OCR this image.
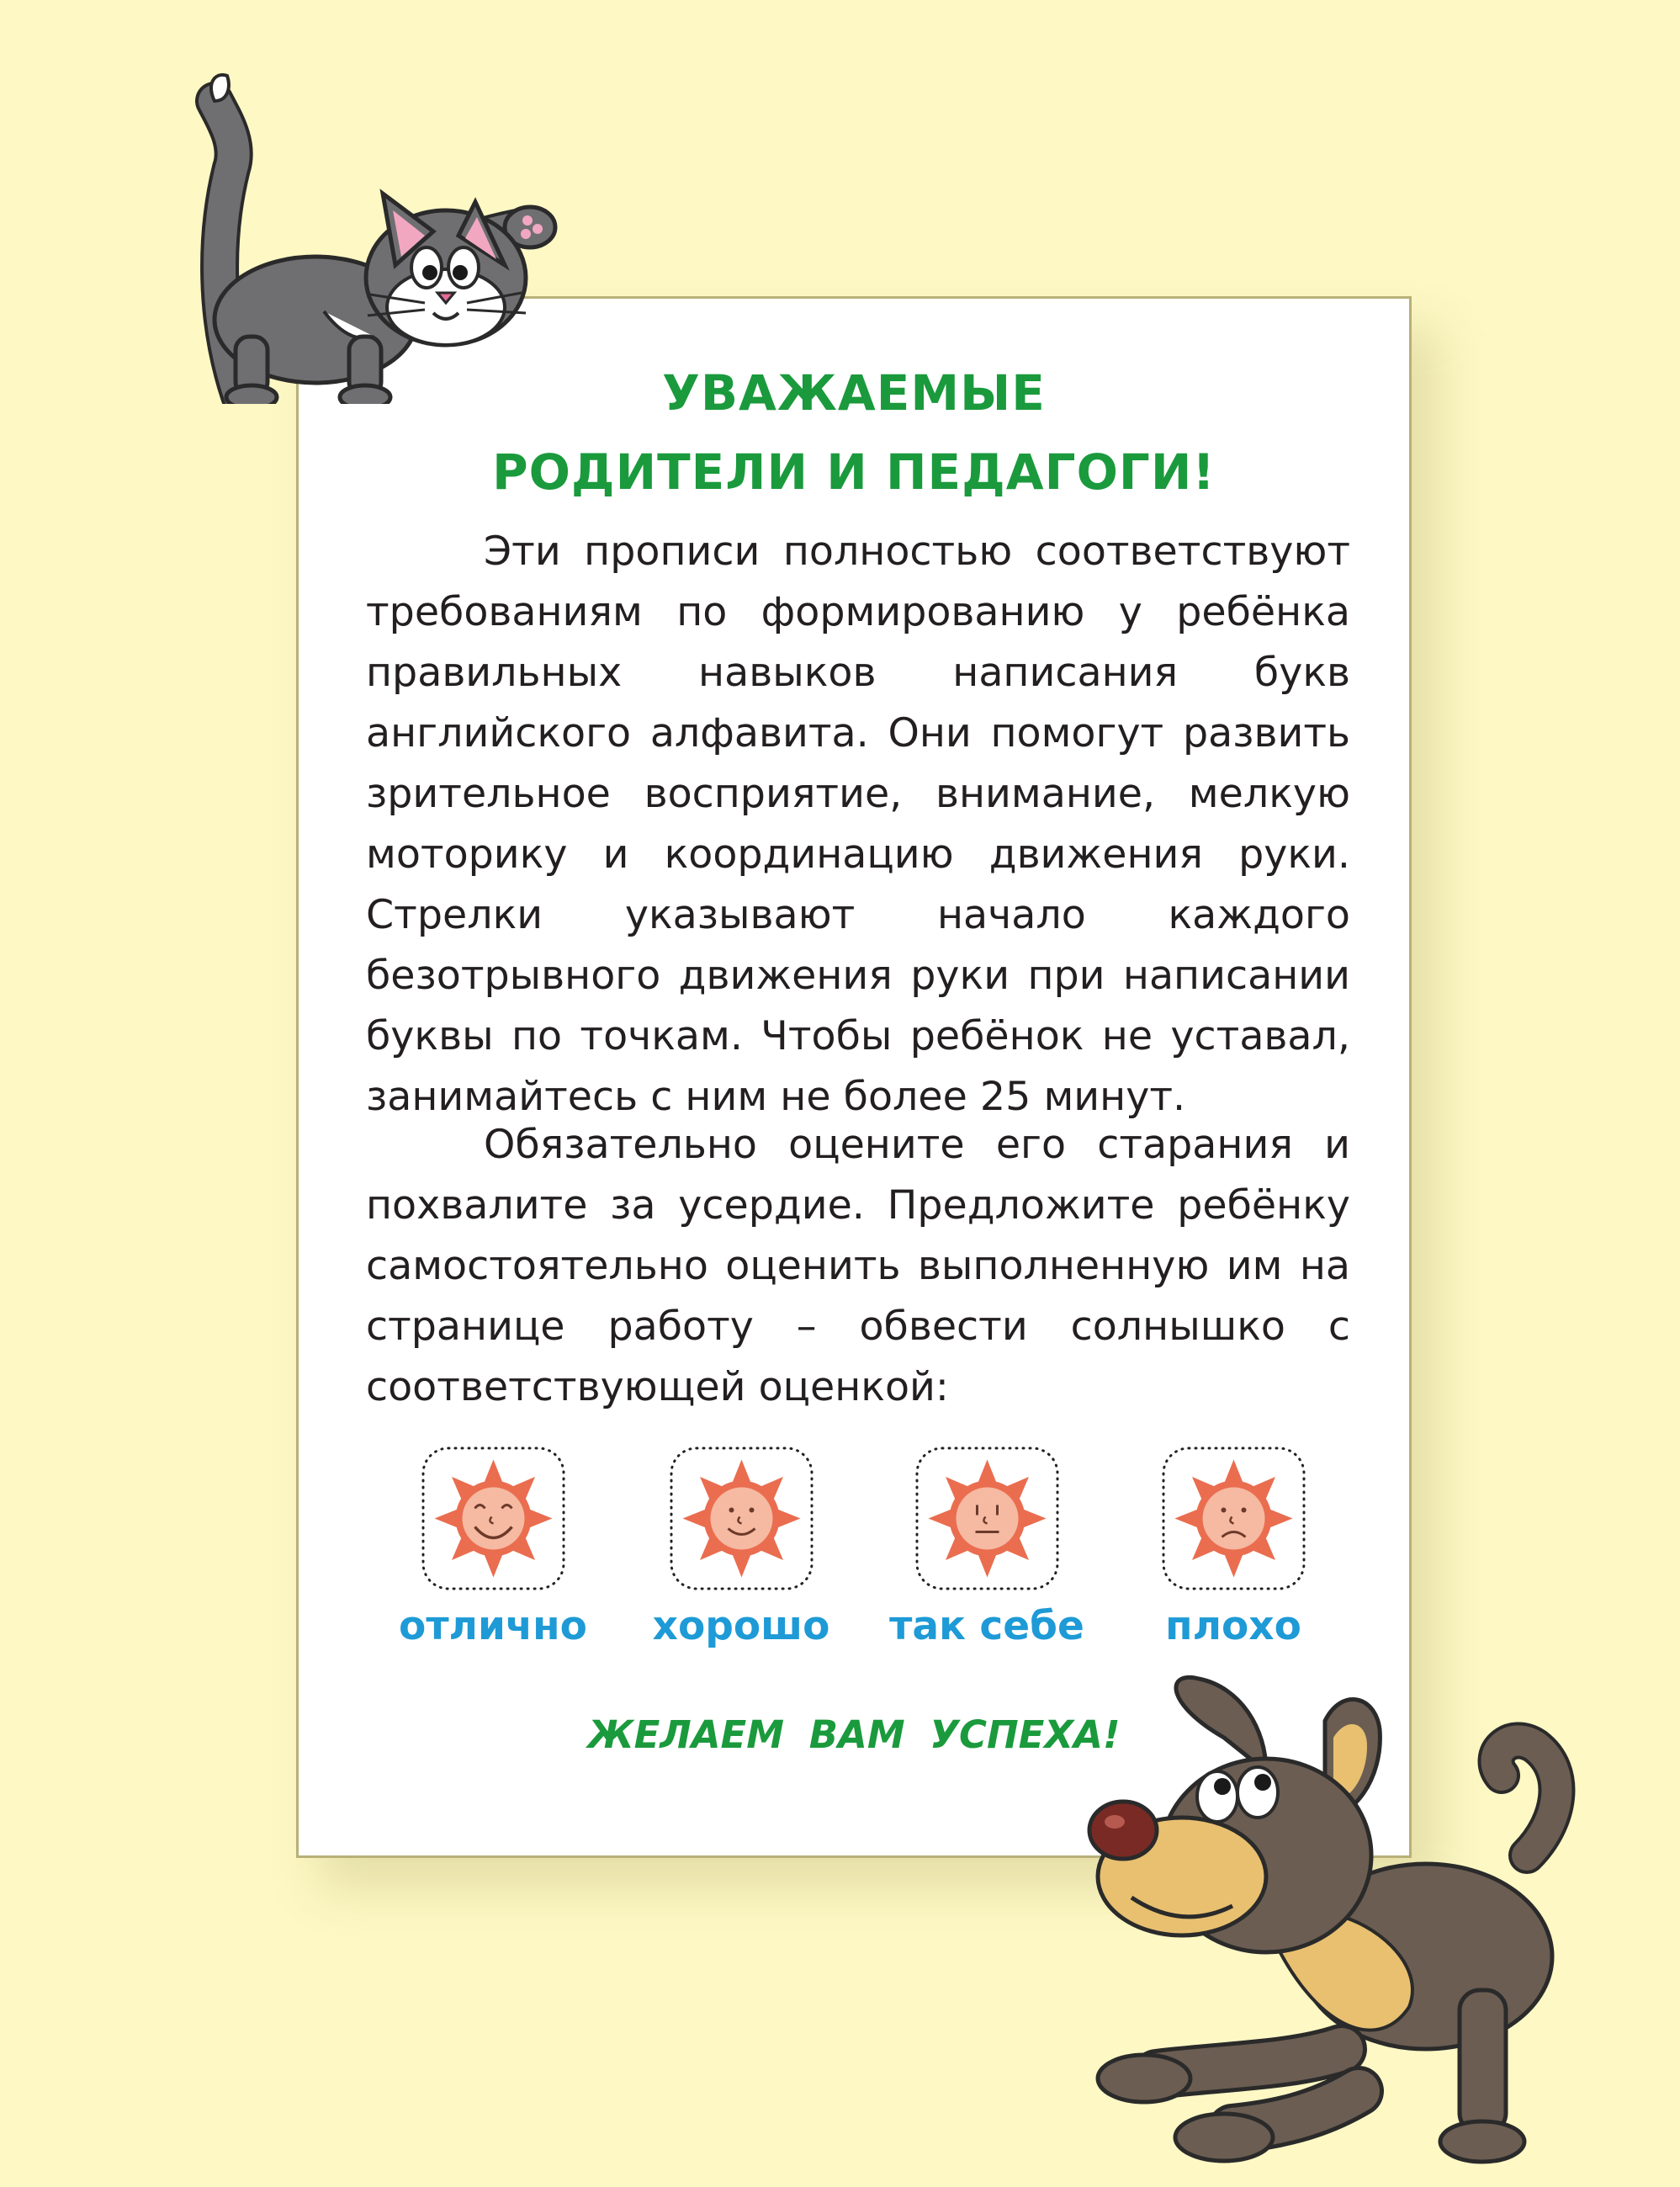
УВАЖАЕМЫЕ
РОДИТЕЛИ И ПЕДАГОГИ!

Эти прописи полностью соответствуют требованиям по формированию у ребёнка правильных навыков написания букв английского алфавита. Они помогут развить зрительное восприятие, внимание, мелкую моторику и координацию движения руки. Стрелки указывают начало каждого безотрывного движения руки при написании буквы по точкам. Чтобы ребёнок не уставал, занимайтесь с ним не более 25 минут.

Обязательно оцените его старания и похвалите за усердие. Предложите ребёнку самостоятельно оценить выполненную им на странице работу – обвести солнышко с соответствующей оценкой:

отлично	хорошо	так себе	плохо
ЖЕЛАЕМ ВАМ УСПЕХА!
